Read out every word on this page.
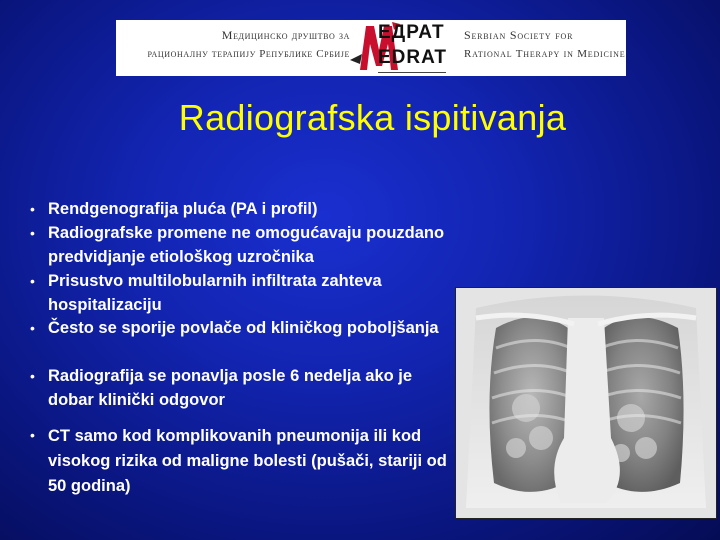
Медицинско друштво за
рационалну терапију Републике Србије
ЕДРАТ
EDRAT
Serbian Society for
Rational Therapy in Medicine
Radiografska ispitivanja
• Rendgenografija pluća (PA i profil)
• Radiografske promene ne omogućavaju pouzdano predvidjanje etiološkog uzročnika
• Prisustvo multilobularnih infiltrata zahteva hospitalizaciju
• Često se sporije povlače od kliničkog poboljšanja
• Radiografija se ponavlja posle 6 nedelja ako je dobar klinički odgovor
• CT samo kod komplikovanih pneumonija ili kod visokog rizika od maligne bolesti (pušači, stariji od 50 godina)
